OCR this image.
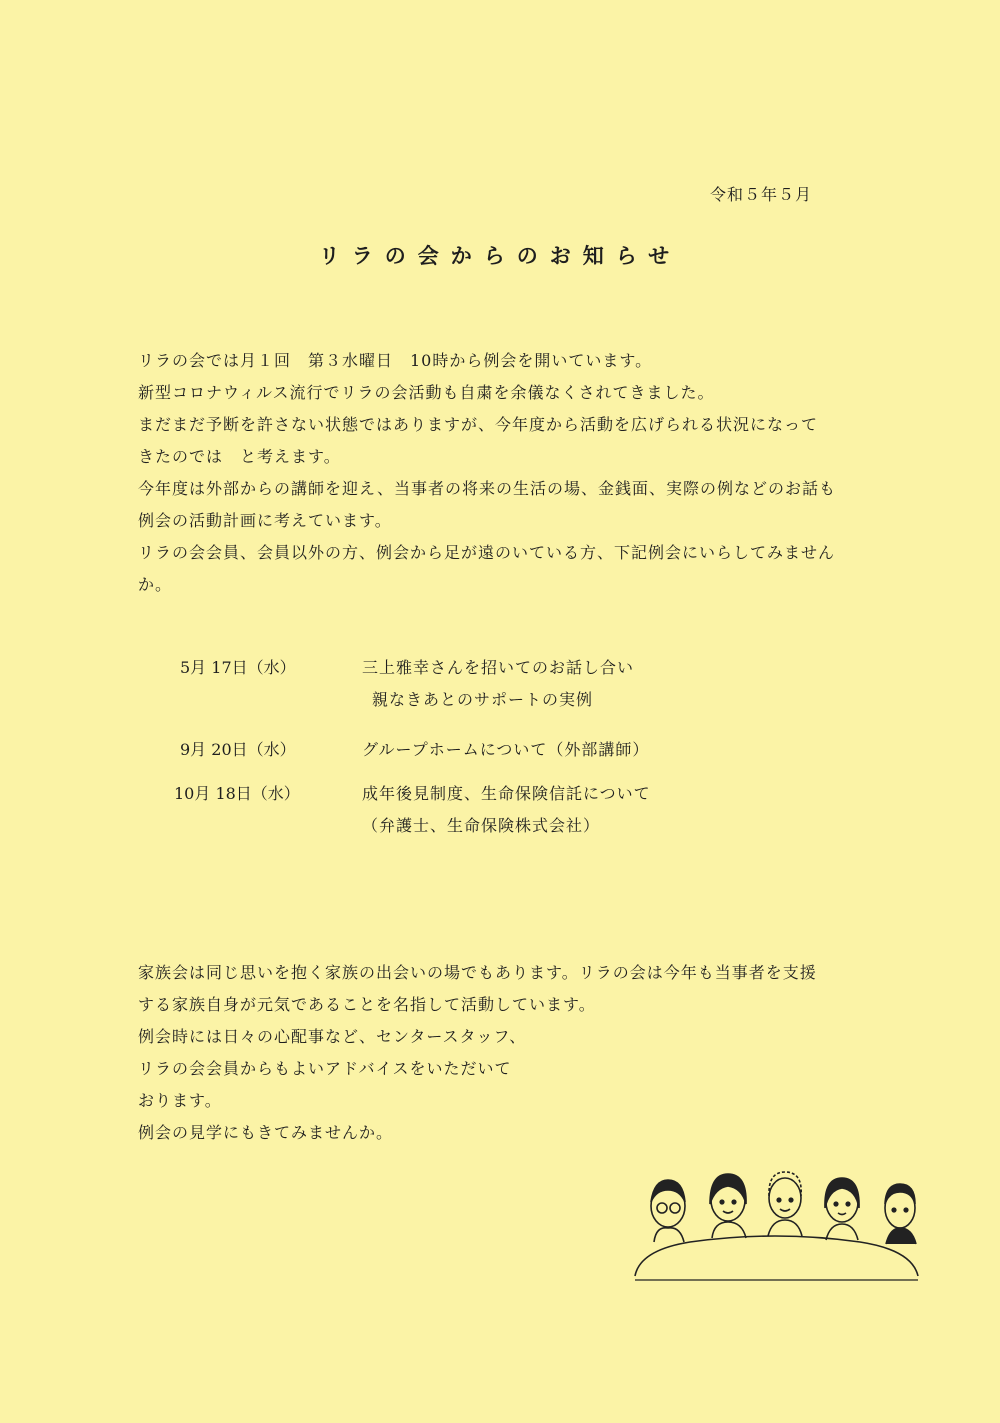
令和５年５月
リラの会からのお知らせ

リラの会では月１回　第３水曜日　10時から例会を開いています。

新型コロナウィルス流行でリラの会活動も自粛を余儀なくされてきました。

まだまだ予断を許さない状態ではありますが、今年度から活動を広げられる状況になって

きたのでは　と考えます。

今年度は外部からの講師を迎え、当事者の将来の生活の場、金銭面、実際の例などのお話も

例会の活動計画に考えています。

リラの会会員、会員以外の方、例会から足が遠のいている方、下記例会にいらしてみません

か。

5月 17日（水）	三上雅幸さんを招いてのお話し合い
親なきあとのサポートの実例
9月 20日（水）	グループホームについて（外部講師）
10月 18日（水）	成年後見制度、生命保険信託について
（弁護士、生命保険株式会社）

家族会は同じ思いを抱く家族の出会いの場でもあります。リラの会は今年も当事者を支援

する家族自身が元気であることを名指して活動しています。

例会時には日々の心配事など、センタースタッフ、

リラの会会員からもよいアドバイスをいただいて

おります。

例会の見学にもきてみませんか。
